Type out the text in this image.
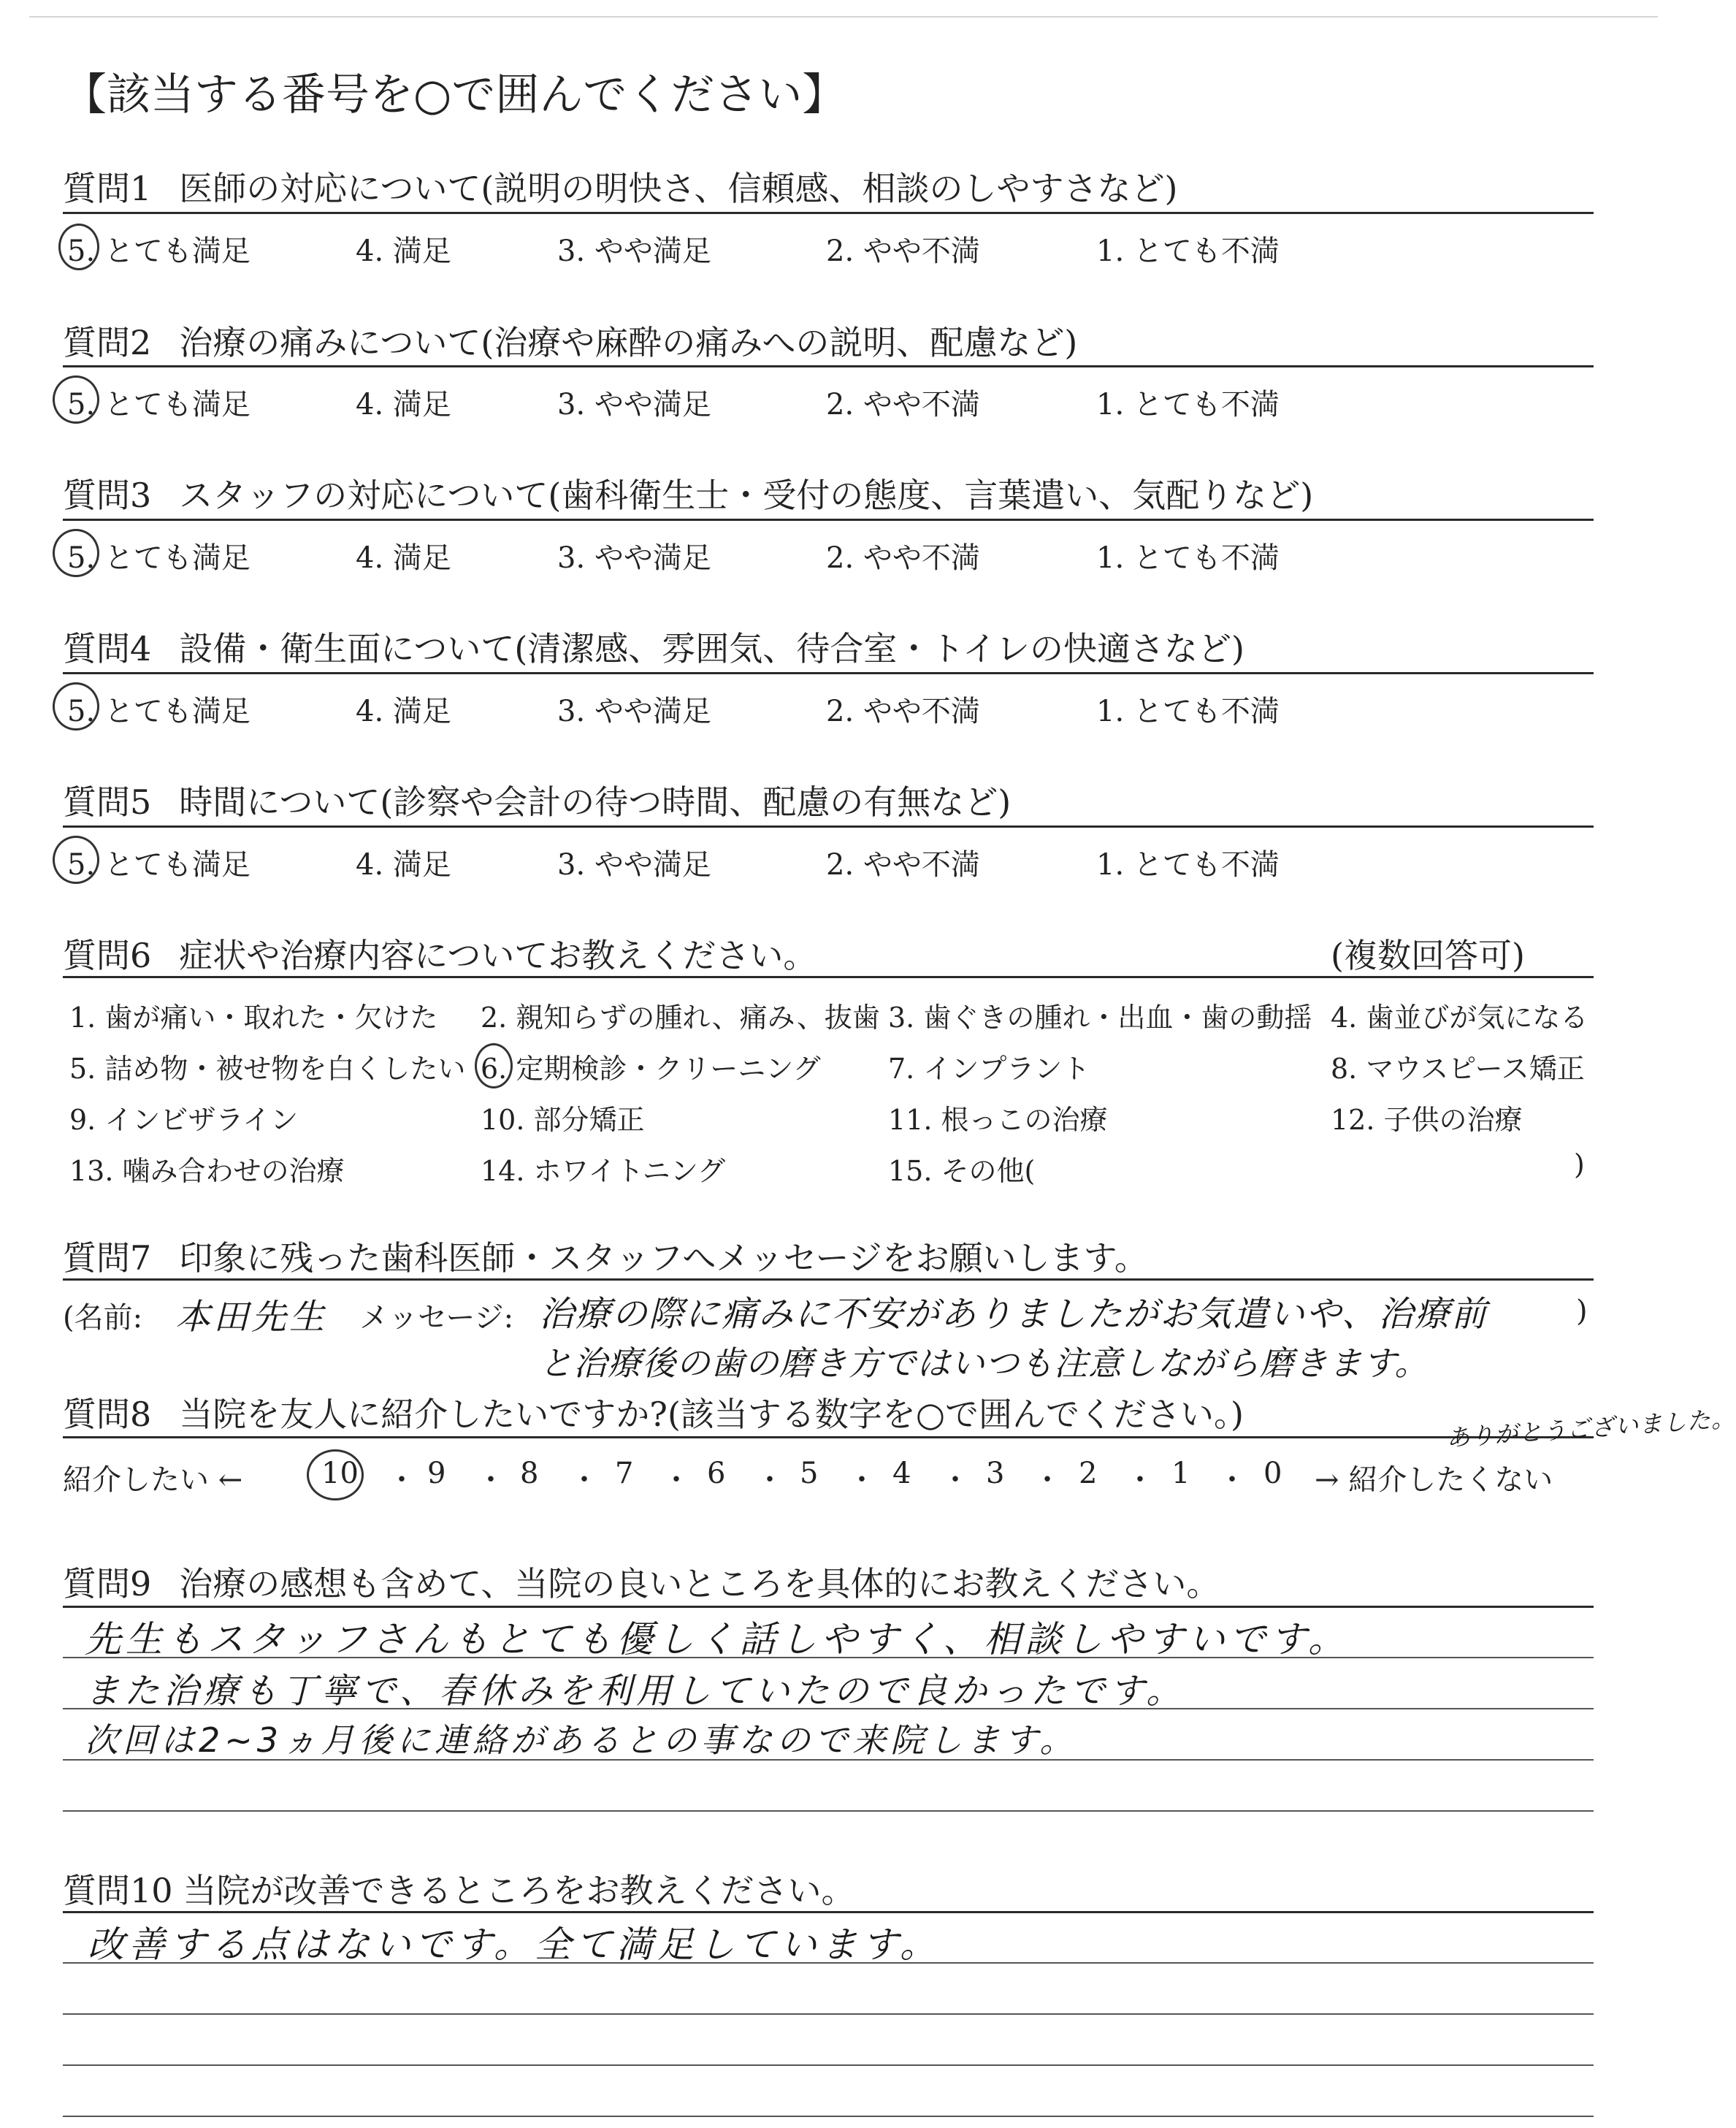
【該当する番号を○で囲んでください】
質問1 医師の対応について(説明の明快さ、信頼感、相談のしやすさなど)
5. とても満足	4. 満足	3. やや満足	2. やや不満	1. とても不満
質問2 治療の痛みについて(治療や麻酔の痛みへの説明、配慮など)
5. とても満足	4. 満足	3. やや満足	2. やや不満	1. とても不満
質問3 スタッフの対応について(歯科衛生士・受付の態度、言葉遣い、気配りなど)
5. とても満足	4. 満足	3. やや満足	2. やや不満	1. とても不満
質問4 設備・衛生面について(清潔感、雰囲気、待合室・トイレの快適さなど)
5. とても満足	4. 満足	3. やや満足	2. やや不満	1. とても不満
質問5 時間について(診察や会計の待つ時間、配慮の有無など)
5. とても満足	4. 満足	3. やや満足	2. やや不満	1. とても不満
質問6 症状や治療内容についてお教えください。	(複数回答可)
1. 歯が痛い・取れた・欠けた 2. 親知らずの腫れ、痛み、抜歯 3. 歯ぐきの腫れ・出血・歯の動揺 4. 歯並びが気になる
5. 詰め物・被せ物を白くしたい 6. 定期検診・クリーニング 7. インプラント	8. マウスピース矯正
9. インビザライン	10. 部分矯正	11. 根っこの治療	12. 子供の治療
13. 噛み合わせの治療	14. ホワイトニング	15. その他(	)
質問7 印象に残った歯科医師・スタッフへメッセージをお願いします。
(名前: 本田先生 メッセージ: 治療の際に痛みに不安がありましたがお気遣いや、治療前	)
と治療後の歯の磨き方ではいつも注意しながら磨きます。
質問8 当院を友人に紹介したいですか?(該当する数字を○で囲んでください。)	ありがとうございました。
紹介したい ←	10 ・ 9 ・ 8 ・ 7 ・ 6 ・ 5 ・ 4 ・ 3 ・ 2 ・ 1 ・ 0 → 紹介したくない
質問9 治療の感想も含めて、当院の良いところを具体的にお教えください。
先生もスタッフさんもとても優しく話しやすく、相談しやすいです。
また治療も丁寧で、春休みを利用していたので良かったです。
次回は2~3ヵ月後に連絡があるとの事なので来院します。
質問10 当院が改善できるところをお教えください。
改善する点はないです。全て満足しています。
